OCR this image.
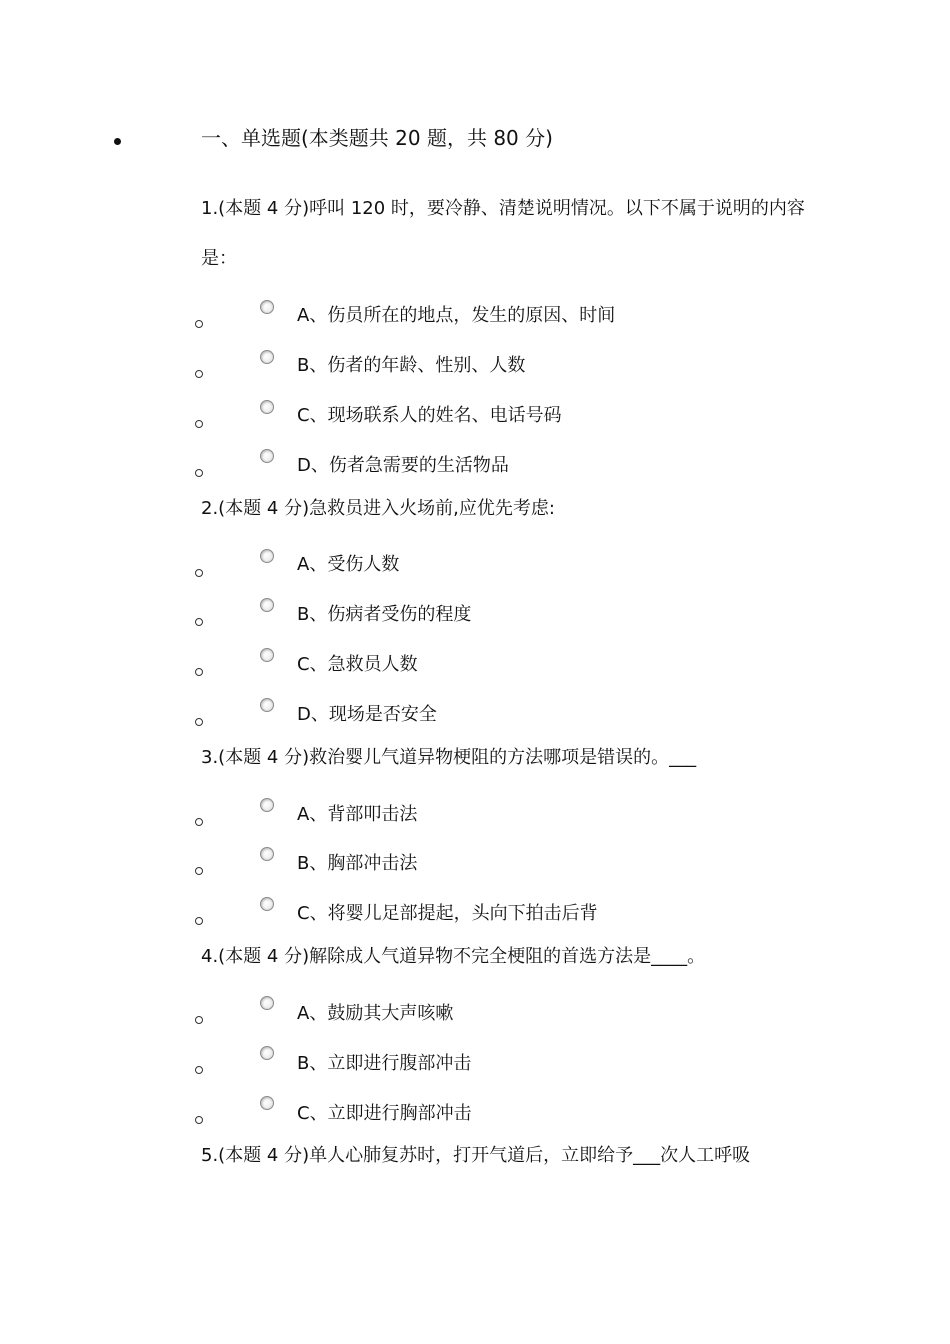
一、单选题(本类题共 20 题，共 80 分)
1.(本题 4 分)呼叫 120 时，要冷静、清楚说明情况。以下不属于说明的内容是：
A、伤员所在的地点，发生的原因、时间
B、伤者的年龄、性别、人数
C、现场联系人的姓名、电话号码
D、伤者急需要的生活物品
2.(本题 4 分)急救员进入火场前,应优先考虑:
A、受伤人数
B、伤病者受伤的程度
C、急救员人数
D、现场是否安全
3.(本题 4 分)救治婴儿气道异物梗阻的方法哪项是错误的。___
A、背部叩击法
B、胸部冲击法
C、将婴儿足部提起，头向下拍击后背
4.(本题 4 分)解除成人气道异物不完全梗阻的首选方法是____。
A、鼓励其大声咳嗽
B、立即进行腹部冲击
C、立即进行胸部冲击
5.(本题 4 分)单人心肺复苏时，打开气道后，立即给予___次人工呼吸
